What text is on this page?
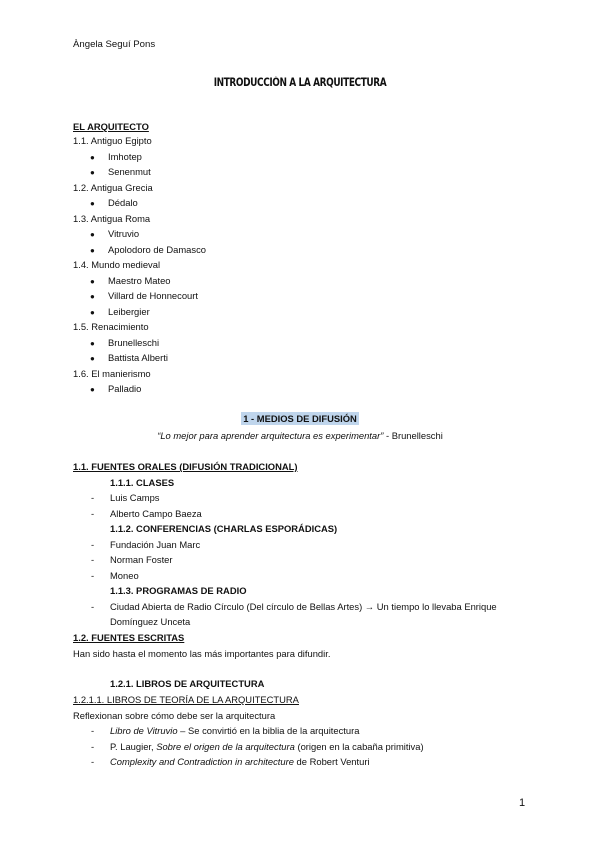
Àngela Seguí Pons
INTRODUCCIÓN A LA ARQUITECTURA
EL ARQUITECTO
1.1. Antiguo Egipto
● Imhotep
● Senenmut
1.2. Antigua Grecia
● Dédalo
1.3. Antigua Roma
● Vitruvio
● Apolodoro de Damasco
1.4. Mundo medieval
● Maestro Mateo
● Villard de Honnecourt
● Leibergier
1.5. Renacimiento
● Brunelleschi
● Battista Alberti
1.6. El manierismo
● Palladio
1 - MEDIOS DE DIFUSIÓN
“Lo mejor para aprender arquitectura es experimentar” - Brunelleschi
1.1. FUENTES ORALES (DIFUSIÓN TRADICIONAL)
1.1.1. CLASES
- Luis Camps
- Alberto Campo Baeza
1.1.2. CONFERENCIAS (CHARLAS ESPORÁDICAS)
- Fundación Juan Marc
- Norman Foster
- Moneo
1.1.3. PROGRAMAS DE RADIO
- Ciudad Abierta de Radio Círculo (Del círculo de Bellas Artes) → Un tiempo lo llevaba Enrique
Domínguez Unceta
1.2. FUENTES ESCRITAS
Han sido hasta el momento las más importantes para difundir.
1.2.1. LIBROS DE ARQUITECTURA
1.2.1.1. LIBROS DE TEORÍA DE LA ARQUITECTURA
Reflexionan sobre cómo debe ser la arquitectura
- Libro de Vitruvio – Se convirtió en la biblia de la arquitectura
- P. Laugier, Sobre el origen de la arquitectura (origen en la cabaña primitiva)
- Complexity and Contradiction in architecture de Robert Venturi
1
